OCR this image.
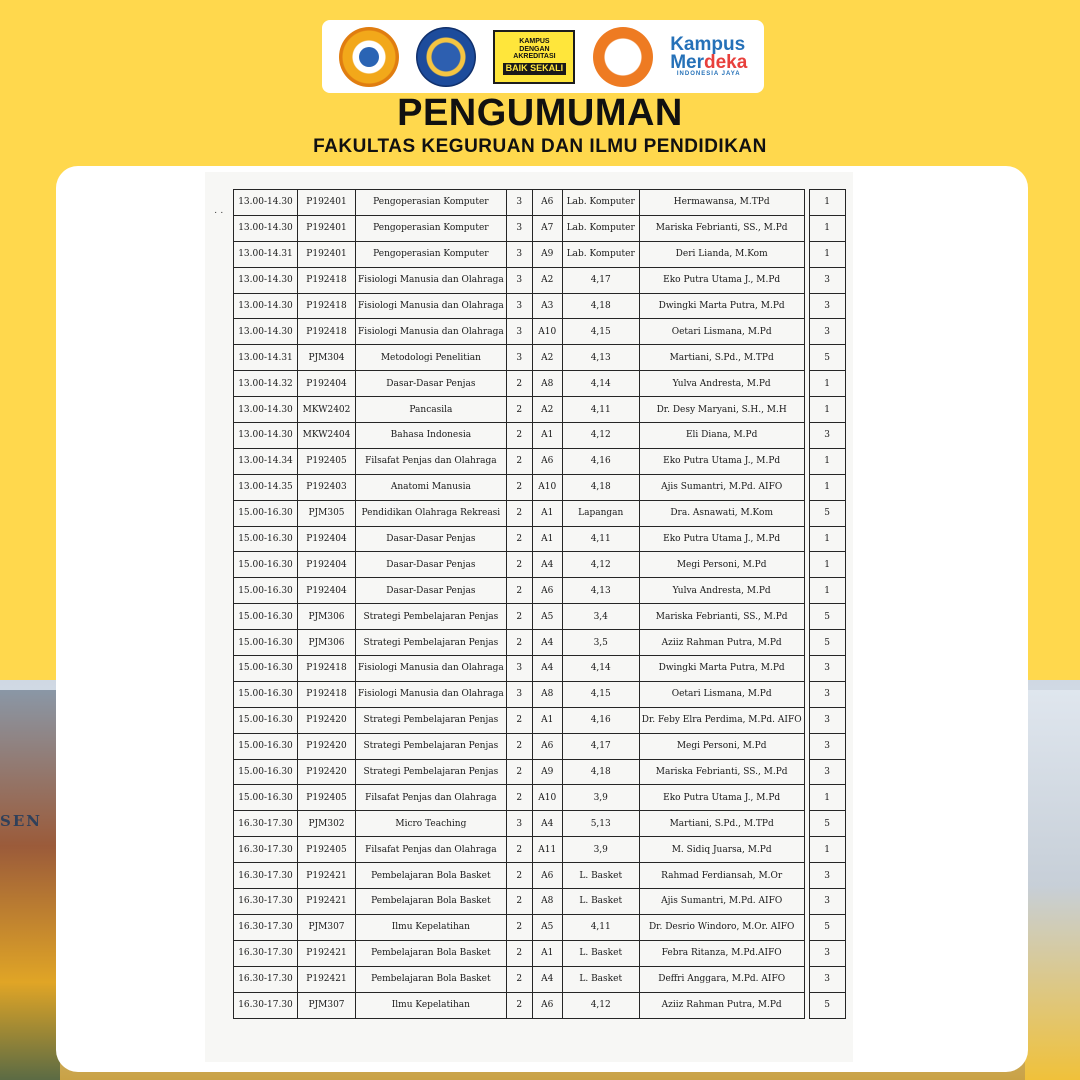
SEN
KAMPUS
DENGAN
AKREDITASI
BAIK SEKALI
Kampus
Merdeka
INDONESIA JAYA
PENGUMUMAN
FAKULTAS KEGURUAN DAN ILMU PENDIDIKAN
· ·
13.00-14.30	P192401	Pengoperasian Komputer	3	A6	Lab. Komputer	Hermawansa, M.TPd		1
13.00-14.30	P192401	Pengoperasian Komputer	3	A7	Lab. Komputer	Mariska Febrianti, SS., M.Pd		1
13.00-14.31	P192401	Pengoperasian Komputer	3	A9	Lab. Komputer	Deri Lianda, M.Kom		1
13.00-14.30	P192418	Fisiologi Manusia dan Olahraga	3	A2	4,17	Eko Putra Utama J., M.Pd		3
13.00-14.30	P192418	Fisiologi Manusia dan Olahraga	3	A3	4,18	Dwingki Marta Putra, M.Pd		3
13.00-14.30	P192418	Fisiologi Manusia dan Olahraga	3	A10	4,15	Oetari Lismana, M.Pd		3
13.00-14.31	PJM304	Metodologi Penelitian	3	A2	4,13	Martiani, S.Pd., M.TPd		5
13.00-14.32	P192404	Dasar-Dasar Penjas	2	A8	4,14	Yulva Andresta, M.Pd		1
13.00-14.30	MKW2402	Pancasila	2	A2	4,11	Dr. Desy Maryani, S.H., M.H		1
13.00-14.30	MKW2404	Bahasa Indonesia	2	A1	4,12	Eli Diana, M.Pd		3
13.00-14.34	P192405	Filsafat Penjas dan Olahraga	2	A6	4,16	Eko Putra Utama J., M.Pd		1
13.00-14.35	P192403	Anatomi Manusia	2	A10	4,18	Ajis Sumantri, M.Pd. AIFO		1
15.00-16.30	PJM305	Pendidikan Olahraga Rekreasi	2	A1	Lapangan	Dra. Asnawati, M.Kom		5
15.00-16.30	P192404	Dasar-Dasar Penjas	2	A1	4,11	Eko Putra Utama J., M.Pd		1
15.00-16.30	P192404	Dasar-Dasar Penjas	2	A4	4,12	Megi Personi, M.Pd		1
15.00-16.30	P192404	Dasar-Dasar Penjas	2	A6	4,13	Yulva Andresta, M.Pd		1
15.00-16.30	PJM306	Strategi Pembelajaran Penjas	2	A5	3,4	Mariska Febrianti, SS., M.Pd		5
15.00-16.30	PJM306	Strategi Pembelajaran Penjas	2	A4	3,5	Aziiz Rahman Putra, M.Pd		5
15.00-16.30	P192418	Fisiologi Manusia dan Olahraga	3	A4	4,14	Dwingki Marta Putra, M.Pd		3
15.00-16.30	P192418	Fisiologi Manusia dan Olahraga	3	A8	4,15	Oetari Lismana, M.Pd		3
15.00-16.30	P192420	Strategi Pembelajaran Penjas	2	A1	4,16	Dr. Feby Elra Perdima, M.Pd. AIFO		3
15.00-16.30	P192420	Strategi Pembelajaran Penjas	2	A6	4,17	Megi Personi, M.Pd		3
15.00-16.30	P192420	Strategi Pembelajaran Penjas	2	A9	4,18	Mariska Febrianti, SS., M.Pd		3
15.00-16.30	P192405	Filsafat Penjas dan Olahraga	2	A10	3,9	Eko Putra Utama J., M.Pd		1
16.30-17.30	PJM302	Micro Teaching	3	A4	5,13	Martiani, S.Pd., M.TPd		5
16.30-17.30	P192405	Filsafat Penjas dan Olahraga	2	A11	3,9	M. Sidiq Juarsa, M.Pd		1
16.30-17.30	P192421	Pembelajaran Bola Basket	2	A6	L. Basket	Rahmad Ferdiansah, M.Or		3
16.30-17.30	P192421	Pembelajaran Bola Basket	2	A8	L. Basket	Ajis Sumantri, M.Pd. AIFO		3
16.30-17.30	PJM307	Ilmu Kepelatihan	2	A5	4,11	Dr. Desrio Windoro, M.Or. AIFO		5
16.30-17.30	P192421	Pembelajaran Bola Basket	2	A1	L. Basket	Febra Ritanza, M.Pd.AIFO		3
16.30-17.30	P192421	Pembelajaran Bola Basket	2	A4	L. Basket	Deffri Anggara, M.Pd. AIFO		3
16.30-17.30	PJM307	Ilmu Kepelatihan	2	A6	4,12	Aziiz Rahman Putra, M.Pd		5
